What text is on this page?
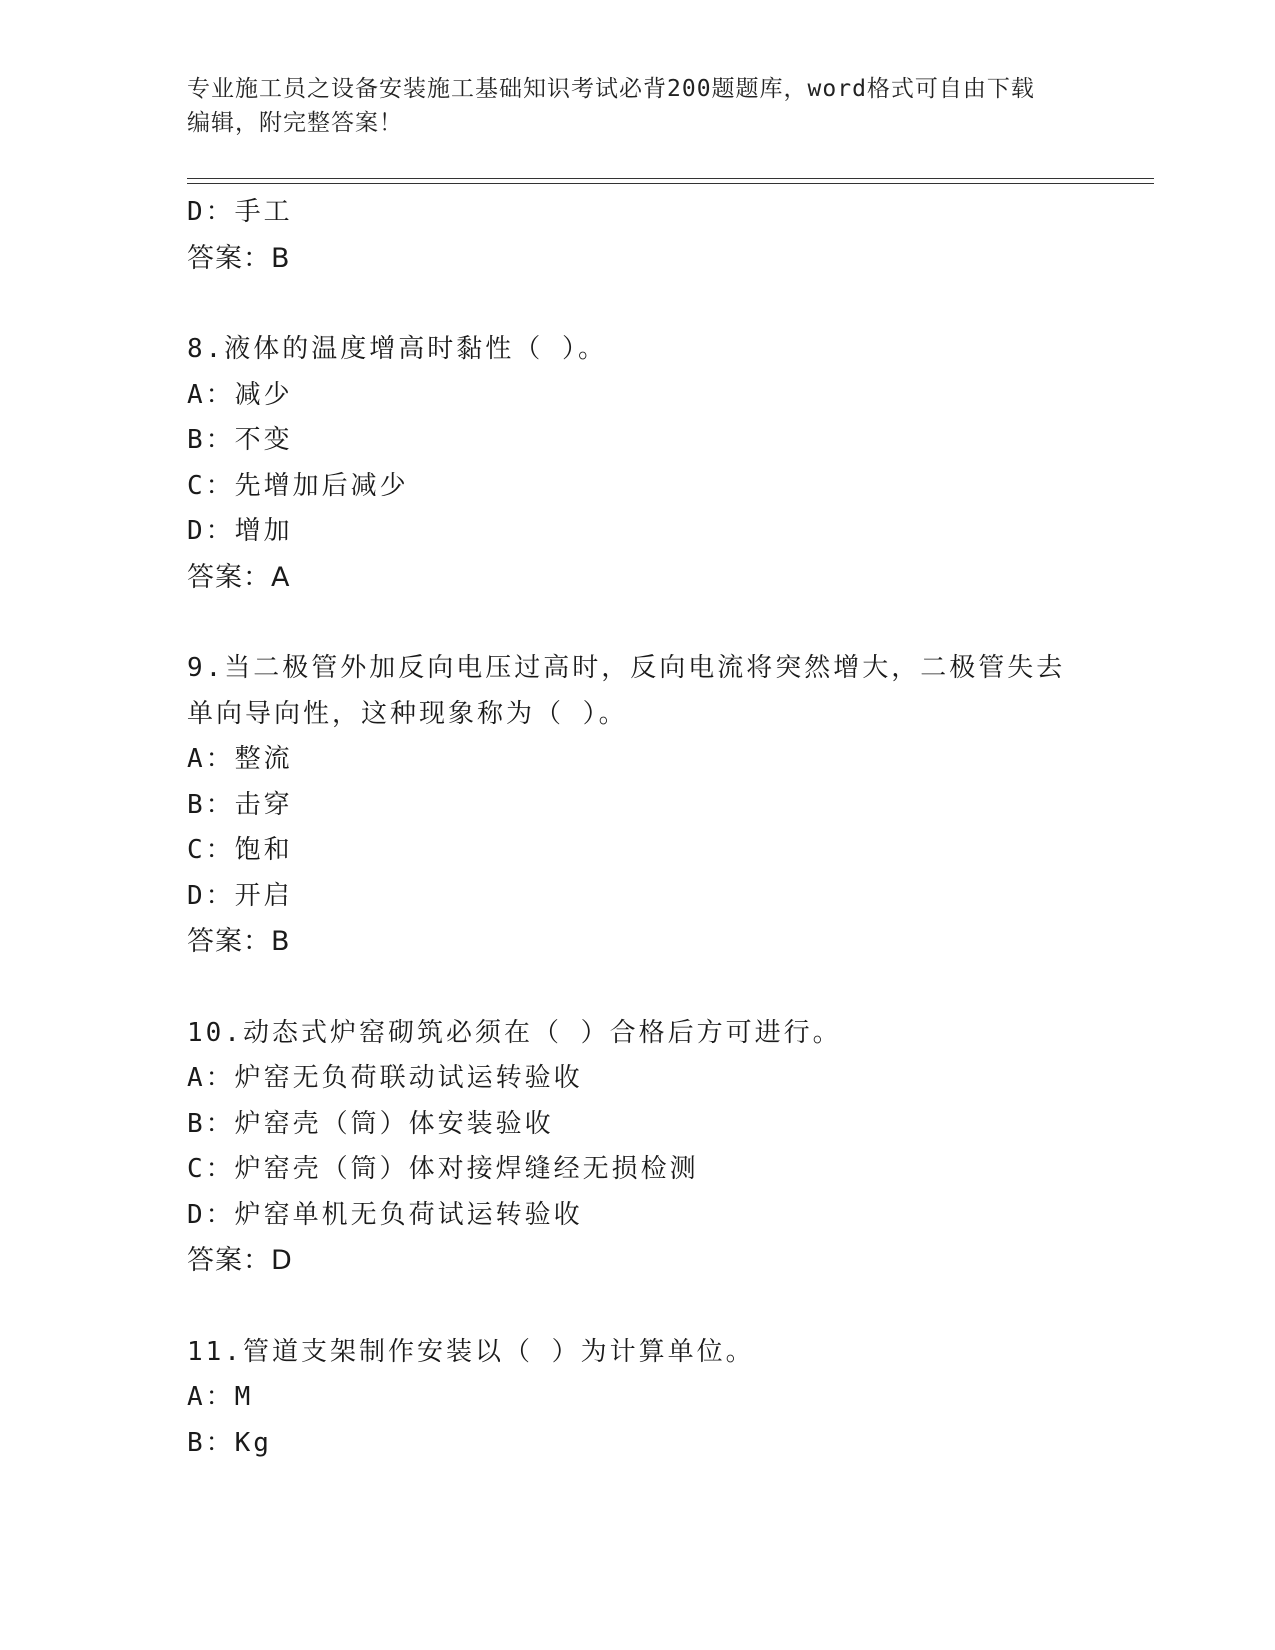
专业施工员之设备安装施工基础知识考试必背200题题库，word格式可自由下载
编辑，附完整答案！
D：手工
答案：B
8.液体的温度增高时黏性（ ）。
A：减少
B：不变
C：先增加后减少
D：增加
答案：A
9.当二极管外加反向电压过高时，反向电流将突然增大，二极管失去
单向导向性，这种现象称为（ ）。
A：整流
B：击穿
C：饱和
D：开启
答案：B
10.动态式炉窑砌筑必须在（ ）合格后方可进行。
A：炉窑无负荷联动试运转验收
B：炉窑壳（筒）体安装验收
C：炉窑壳（筒）体对接焊缝经无损检测
D：炉窑单机无负荷试运转验收
答案：D
11.管道支架制作安装以（ ）为计算单位。
A：M
B：Kg
